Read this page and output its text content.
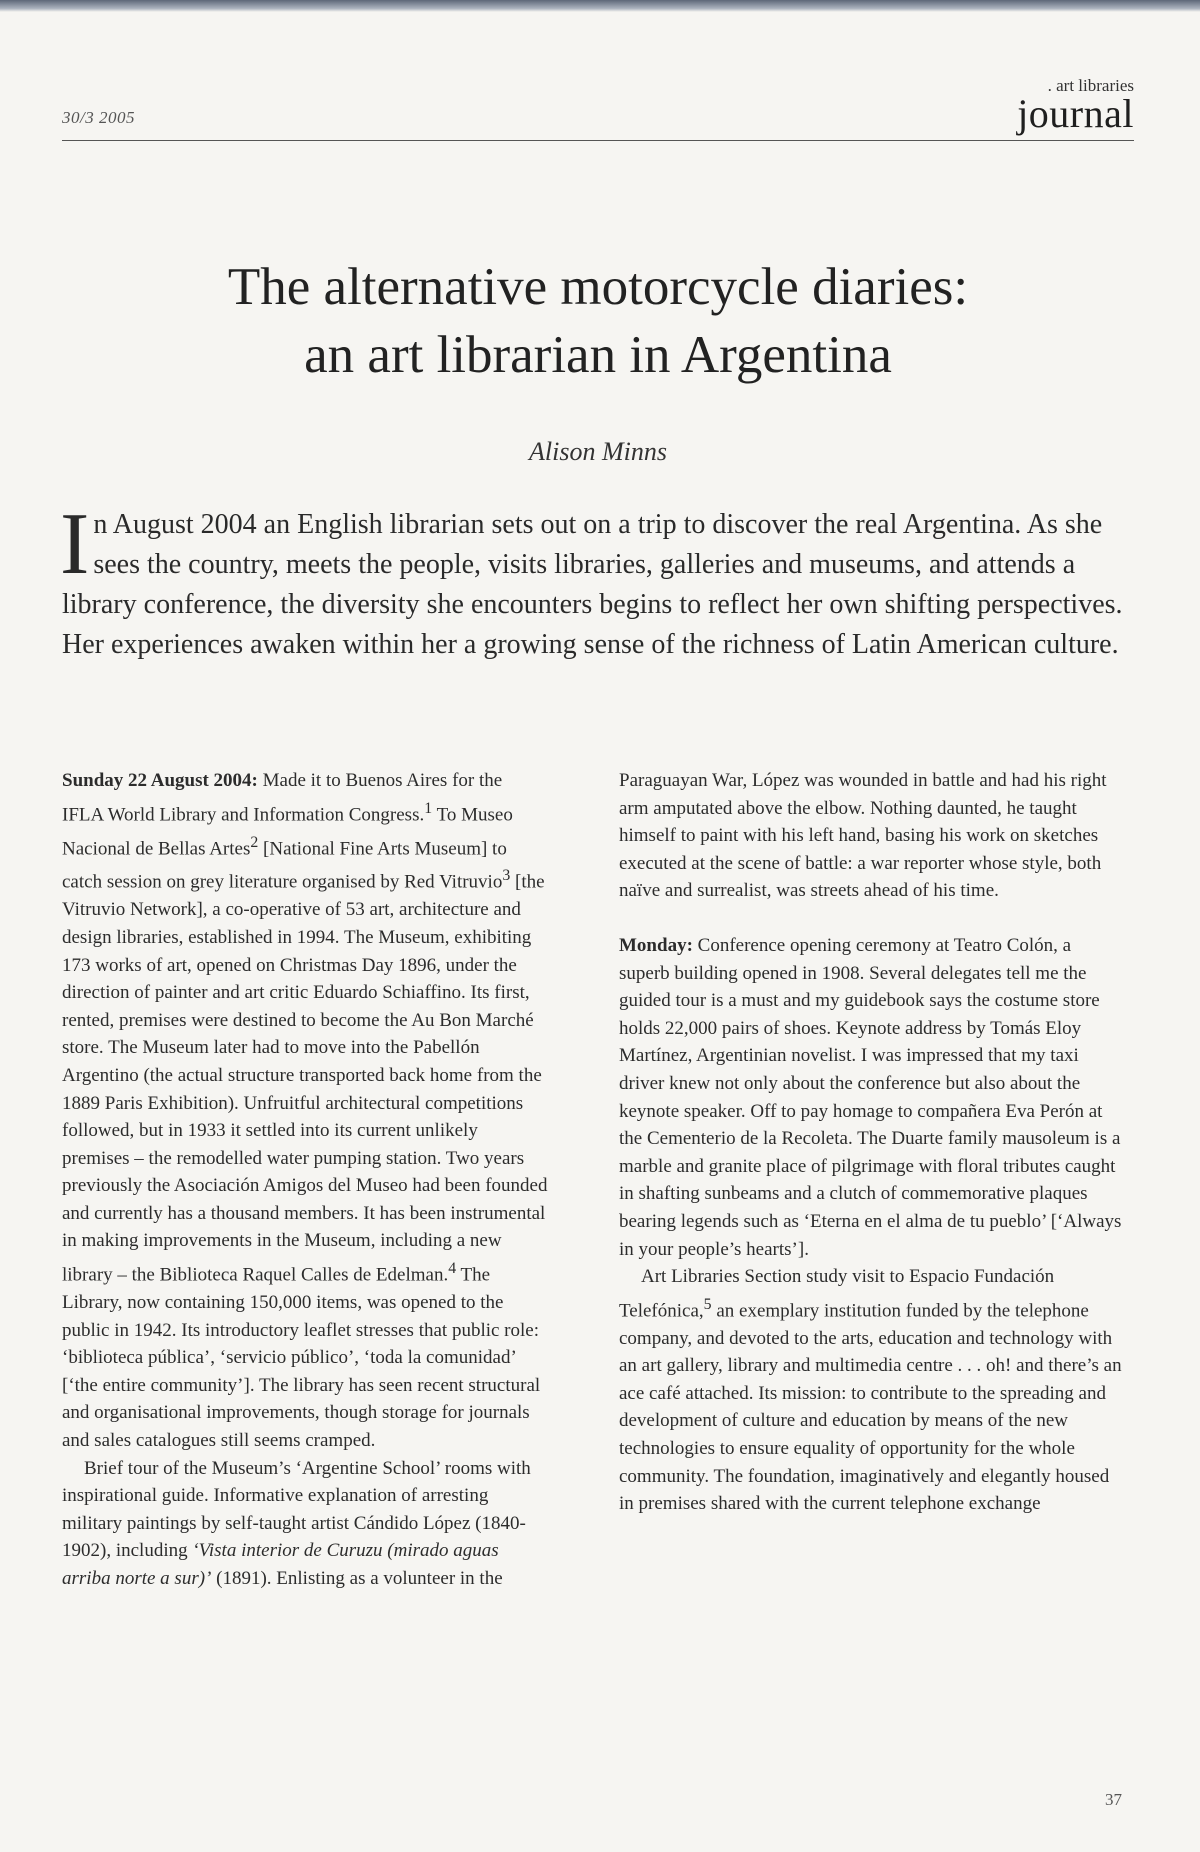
30/3 2005
. art libraries
journal
The alternative motorcycle diaries:
an art librarian in Argentina
Alison Minns

In August 2004 an English librarian sets out on a trip to discover the real Argentina. As she sees the country, meets the people, visits libraries, galleries and museums, and attends a library conference, the diversity she encounters begins to reflect her own shifting perspectives. Her experiences awaken within her a growing sense of the richness of Latin American culture.

Sunday 22 August 2004: Made it to Buenos Aires for the IFLA World Library and Information Congress.$^1$ To Museo Nacional de Bellas Artes$^2$ [National Fine Arts Museum] to catch session on grey literature organised by Red Vitruvio$^3$ [the Vitruvio Network], a co-operative of 53 art, architecture and design libraries, established in 1994. The Museum, exhibiting 173 works of art, opened on Christmas Day 1896, under the direction of painter and art critic Eduardo Schiaffino. Its first, rented, premises were destined to become the Au Bon Marché store. The Museum later had to move into the Pabellón Argentino (the actual structure transported back home from the 1889 Paris Exhibition). Unfruitful architectural competitions followed, but in 1933 it settled into its current unlikely premises – the remodelled water pumping station. Two years previously the Asociación Amigos del Museo had been founded and currently has a thousand members. It has been instrumental in making improvements in the Museum, including a new library – the Biblioteca Raquel Calles de Edelman.$^4$ The Library, now containing 150,000 items, was opened to the public in 1942. Its introductory leaflet stresses that public role: ‘biblioteca pública’, ‘servicio público’, ‘toda la comunidad’ [‘the entire community’]. The library has seen recent structural and organisational improvements, though storage for journals and sales catalogues still seems cramped.

Brief tour of the Museum’s ‘Argentine School’ rooms with inspirational guide. Informative explanation of arresting military paintings by self-taught artist Cándido López (1840-1902), including ‘Vista interior de Curuzu (mirado aguas arriba norte a sur)’ (1891). Enlisting as a volunteer in the

Paraguayan War, López was wounded in battle and had his right arm amputated above the elbow. Nothing daunted, he taught himself to paint with his left hand, basing his work on sketches executed at the scene of battle: a war reporter whose style, both naïve and surrealist, was streets ahead of his time.

Monday: Conference opening ceremony at Teatro Colón, a superb building opened in 1908. Several delegates tell me the guided tour is a must and my guidebook says the costume store holds 22,000 pairs of shoes. Keynote address by Tomás Eloy Martínez, Argentinian novelist. I was impressed that my taxi driver knew not only about the conference but also about the keynote speaker. Off to pay homage to compañera Eva Perón at the Cementerio de la Recoleta. The Duarte family mausoleum is a marble and granite place of pilgrimage with floral tributes caught in shafting sunbeams and a clutch of commemorative plaques bearing legends such as ‘Eterna en el alma de tu pueblo’ [‘Always in your people’s hearts’].

Art Libraries Section study visit to Espacio Fundación Telefónica,$^5$ an exemplary institution funded by the telephone company, and devoted to the arts, education and technology with an art gallery, library and multimedia centre . . . oh! and there’s an ace café attached. Its mission: to contribute to the spreading and development of culture and education by means of the new technologies to ensure equality of opportunity for the whole community. The foundation, imaginatively and elegantly housed in premises shared with the current telephone exchange

37
